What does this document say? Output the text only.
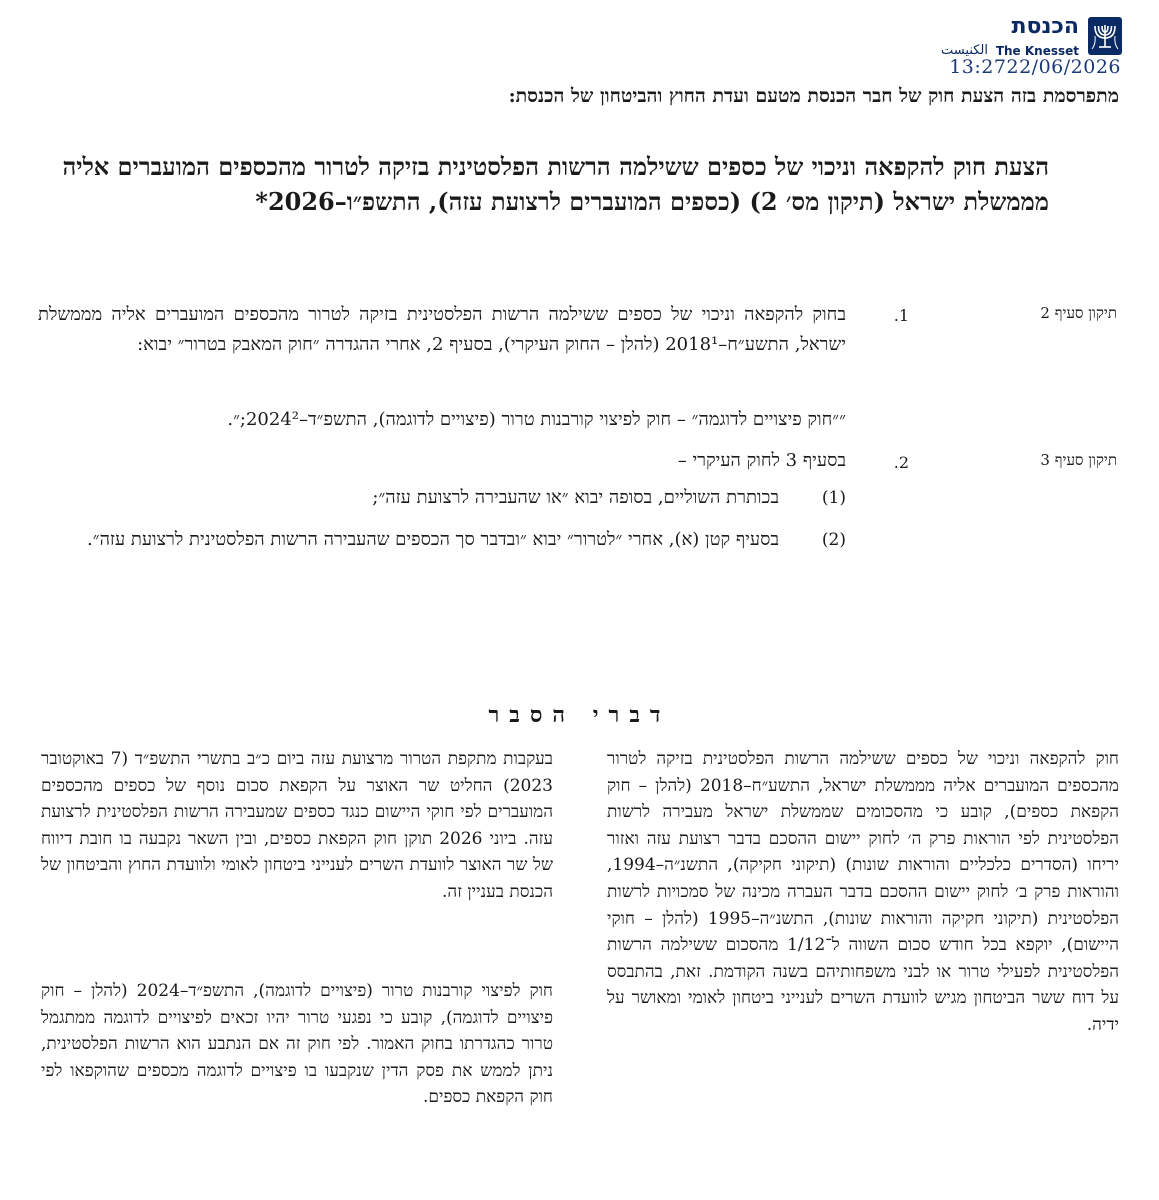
הכנסת
The Knesset
الكنيست
13:2722/06/2026
מתפרסמת בזה הצעת חוק של חבר הכנסת מטעם ועדת החוץ והביטחון של הכנסת:
הצעת חוק להקפאה וניכוי של כספים ששילמה הרשות הפלסטינית בזיקה לטרור מהכספים המועברים אליה מממשלת ישראל (תיקון מס׳ 2) (כספים המועברים לרצועת עזה), התשפ״ו–2026*
תיקון סעיף 2
1.
בחוק להקפאה וניכוי של כספים ששילמה הרשות הפלסטינית בזיקה לטרור מהכספים המועברים אליה מממשלת ישראל, התשע״ח–2018¹ (להלן – החוק העיקרי), בסעיף 2, אחרי ההגדרה ״חוק המאבק בטרור״ יבוא:
״״חוק פיצויים לדוגמה״ – חוק לפיצוי קורבנות טרור (פיצויים לדוגמה), התשפ״ד–2024²;״.
תיקון סעיף 3
2.
בסעיף 3 לחוק העיקרי –
(1)
בכותרת השוליים, בסופה יבוא ״או שהעבירה לרצועת עזה״;
(2)
בסעיף קטן (א), אחרי ״לטרור״ יבוא ״ובדבר סך הכספים שהעבירה הרשות הפלסטינית לרצועת עזה״.
דברי הסבר
חוק להקפאה וניכוי של כספים ששילמה הרשות הפלסטינית בזיקה לטרור מהכספים המועברים אליה מממשלת ישראל, התשע״ח–2018 (להלן – חוק הקפאת כספים), קובע כי מהסכומים שממשלת ישראל מעבירה לרשות הפלסטינית לפי הוראות פרק ה׳ לחוק יישום ההסכם בדבר רצועת עזה ואזור יריחו (הסדרים כלכליים והוראות שונות) (תיקוני חקיקה), התשנ״ה–1994, והוראות פרק ב׳ לחוק יישום ההסכם בדבר העברה מכינה של סמכויות לרשות הפלסטינית (תיקוני חקיקה והוראות שונות), התשנ״ה–1995 (להלן – חוקי היישום), יוקפא בכל חודש סכום השווה ל־1/12 מהסכום ששילמה הרשות הפלסטינית לפעילי טרור או לבני משפחותיהם בשנה הקודמת. זאת, בהתבסס על דוח ששר הביטחון מגיש לוועדת השרים לענייני ביטחון לאומי ומאושר על ידיה.
בעקבות מתקפת הטרור מרצועת עזה ביום כ״ב בתשרי התשפ״ד (7 באוקטובר 2023) החליט שר האוצר על הקפאת סכום נוסף של כספים מהכספים המועברים לפי חוקי היישום כנגד כספים שמעבירה הרשות הפלסטינית לרצועת עזה. ביוני 2026 תוקן חוק הקפאת כספים, ובין השאר נקבעה בו חובת דיווח של שר האוצר לוועדת השרים לענייני ביטחון לאומי ולוועדת החוץ והביטחון של הכנסת בעניין זה.
חוק לפיצוי קורבנות טרור (פיצויים לדוגמה), התשפ״ד–2024 (להלן – חוק פיצויים לדוגמה), קובע כי נפגעי טרור יהיו זכאים לפיצויים לדוגמה ממתגמל טרור כהגדרתו בחוק האמור. לפי חוק זה אם הנתבע הוא הרשות הפלסטינית, ניתן לממש את פסק הדין שנקבעו בו פיצויים לדוגמה מכספים שהוקפאו לפי חוק הקפאת כספים.
